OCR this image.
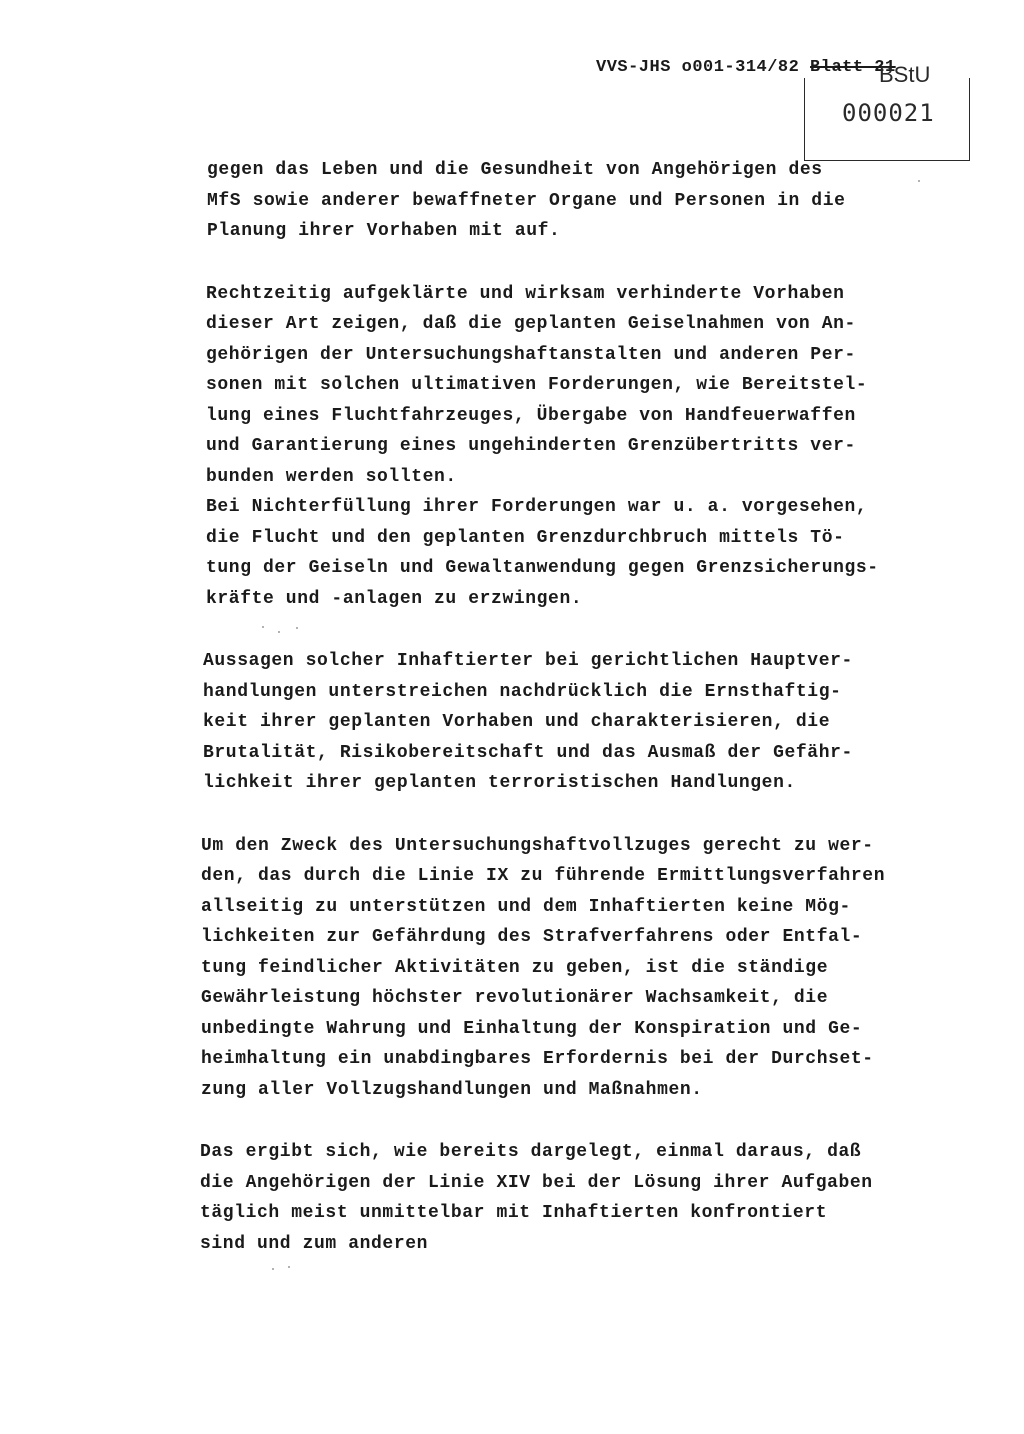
VVS-JHS o001-314/82 Blatt 21
BStU
000021
gegen das Leben und die Gesundheit von Angehörigen des
MfS sowie anderer bewaffneter Organe und Personen in die
Planung ihrer Vorhaben mit auf.
Rechtzeitig aufgeklärte und wirksam verhinderte Vorhaben
dieser Art zeigen, daß die geplanten Geiselnahmen von An-
gehörigen der Untersuchungshaftanstalten und anderen Per-
sonen mit solchen ultimativen Forderungen, wie Bereitstel-
lung eines Fluchtfahrzeuges, Übergabe von Handfeuerwaffen
und Garantierung eines ungehinderten Grenzübertritts ver-
bunden werden sollten.
Bei Nichterfüllung ihrer Forderungen war u. a. vorgesehen,
die Flucht und den geplanten Grenzdurchbruch mittels Tö-
tung der Geiseln und Gewaltanwendung gegen Grenzsicherungs-
kräfte und -anlagen zu erzwingen.
Aussagen solcher Inhaftierter bei gerichtlichen Hauptver-
handlungen unterstreichen nachdrücklich die Ernsthaftig-
keit ihrer geplanten Vorhaben und charakterisieren, die
Brutalität, Risikobereitschaft und das Ausmaß der Gefähr-
lichkeit ihrer geplanten terroristischen Handlungen.
Um den Zweck des Untersuchungshaftvollzuges gerecht zu wer-
den, das durch die Linie IX zu führende Ermittlungsverfahren
allseitig zu unterstützen und dem Inhaftierten keine Mög-
lichkeiten zur Gefährdung des Strafverfahrens oder Entfal-
tung feindlicher Aktivitäten zu geben, ist die ständige
Gewährleistung höchster revolutionärer Wachsamkeit, die
unbedingte Wahrung und Einhaltung der Konspiration und Ge-
heimhaltung ein unabdingbares Erfordernis bei der Durchset-
zung aller Vollzugshandlungen und Maßnahmen.
Das ergibt sich, wie bereits dargelegt, einmal daraus, daß
die Angehörigen der Linie XIV bei der Lösung ihrer Aufgaben
täglich meist unmittelbar mit Inhaftierten konfrontiert
sind und zum anderen
